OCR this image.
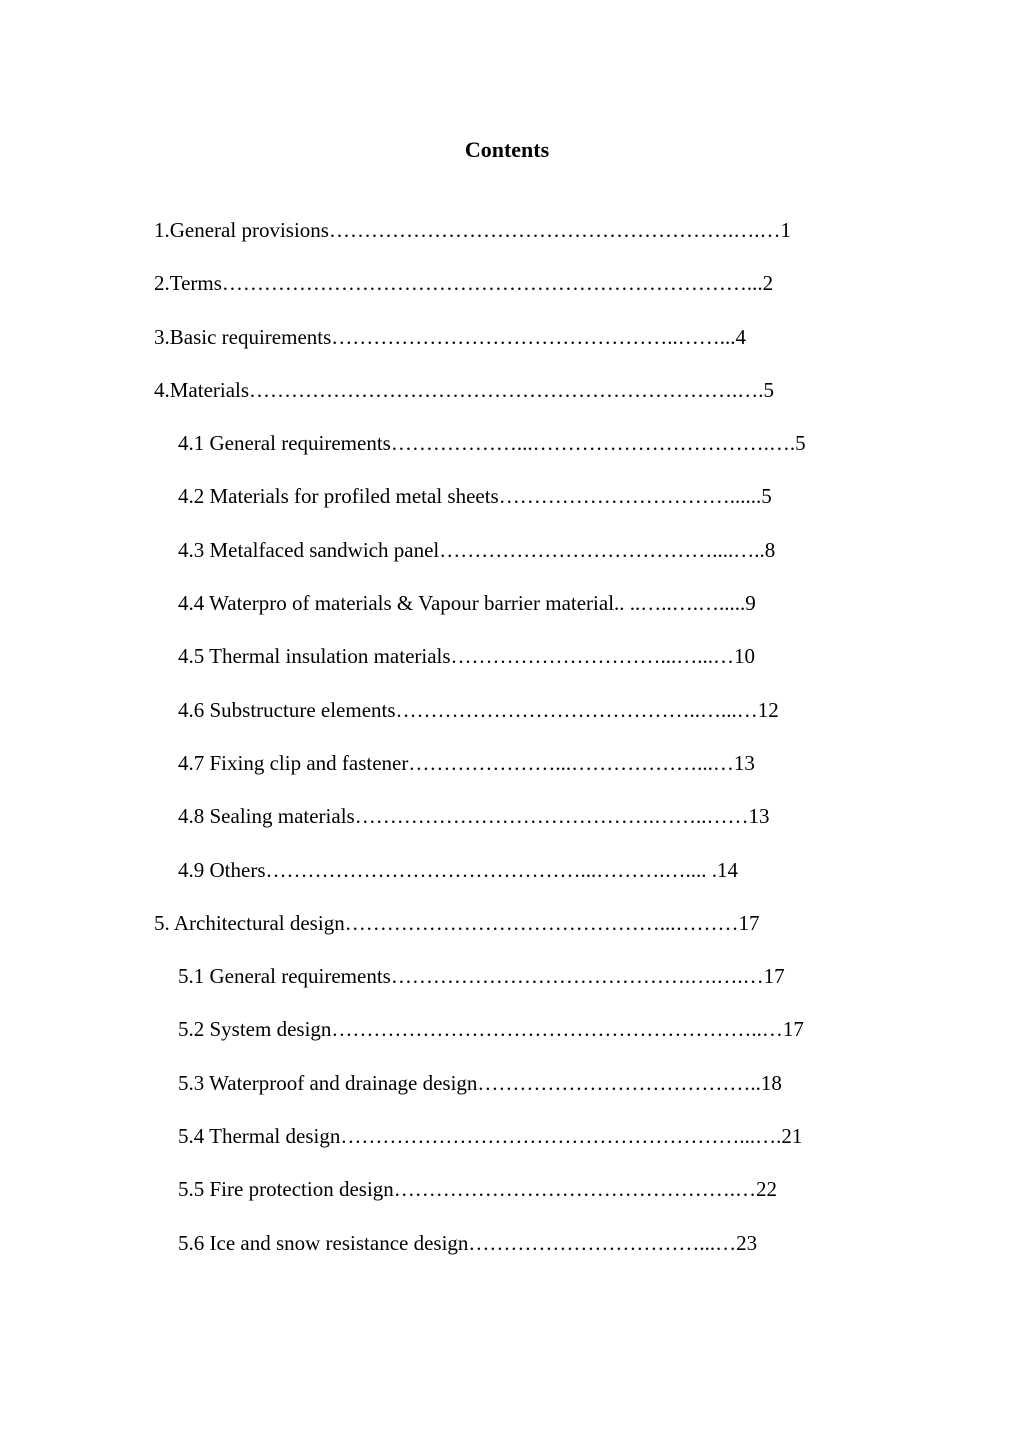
Contents
1.General provisions………………………………………………….….…1
2.Terms…………………………………………………………………...2
3.Basic requirements…………………………………………..……...4
4.Materials…………………………………………………………….….5
4.1 General requirements………………...…………………………….….5
4.2 Materials for profiled metal sheets……………………………......5
4.3 Metalfaced sandwich panel…………………………………....…..8
4.4 Waterpro of materials & Vapour barrier material.. ..…..….….....9
4.5 Thermal insulation materials…………………………...…...…10
4.6 Substructure elements……………………………………..…...…12
4.7 Fixing clip and fastener…………………...………………...…13
4.8 Sealing materials…………………………………….……..……13
4.9 Others………………………………………...……….….... .14
5. Architectural design………………………………………...………17
5.1 General requirements…………………………………….….….…17
5.2 System design……………………………………………………..…17
5.3 Waterproof and drainage design…………………………………..18
5.4 Thermal design…………………………………………………...….21
5.5 Fire protection design………………………………………….…22
5.6 Ice and snow resistance design……………………………...…23
